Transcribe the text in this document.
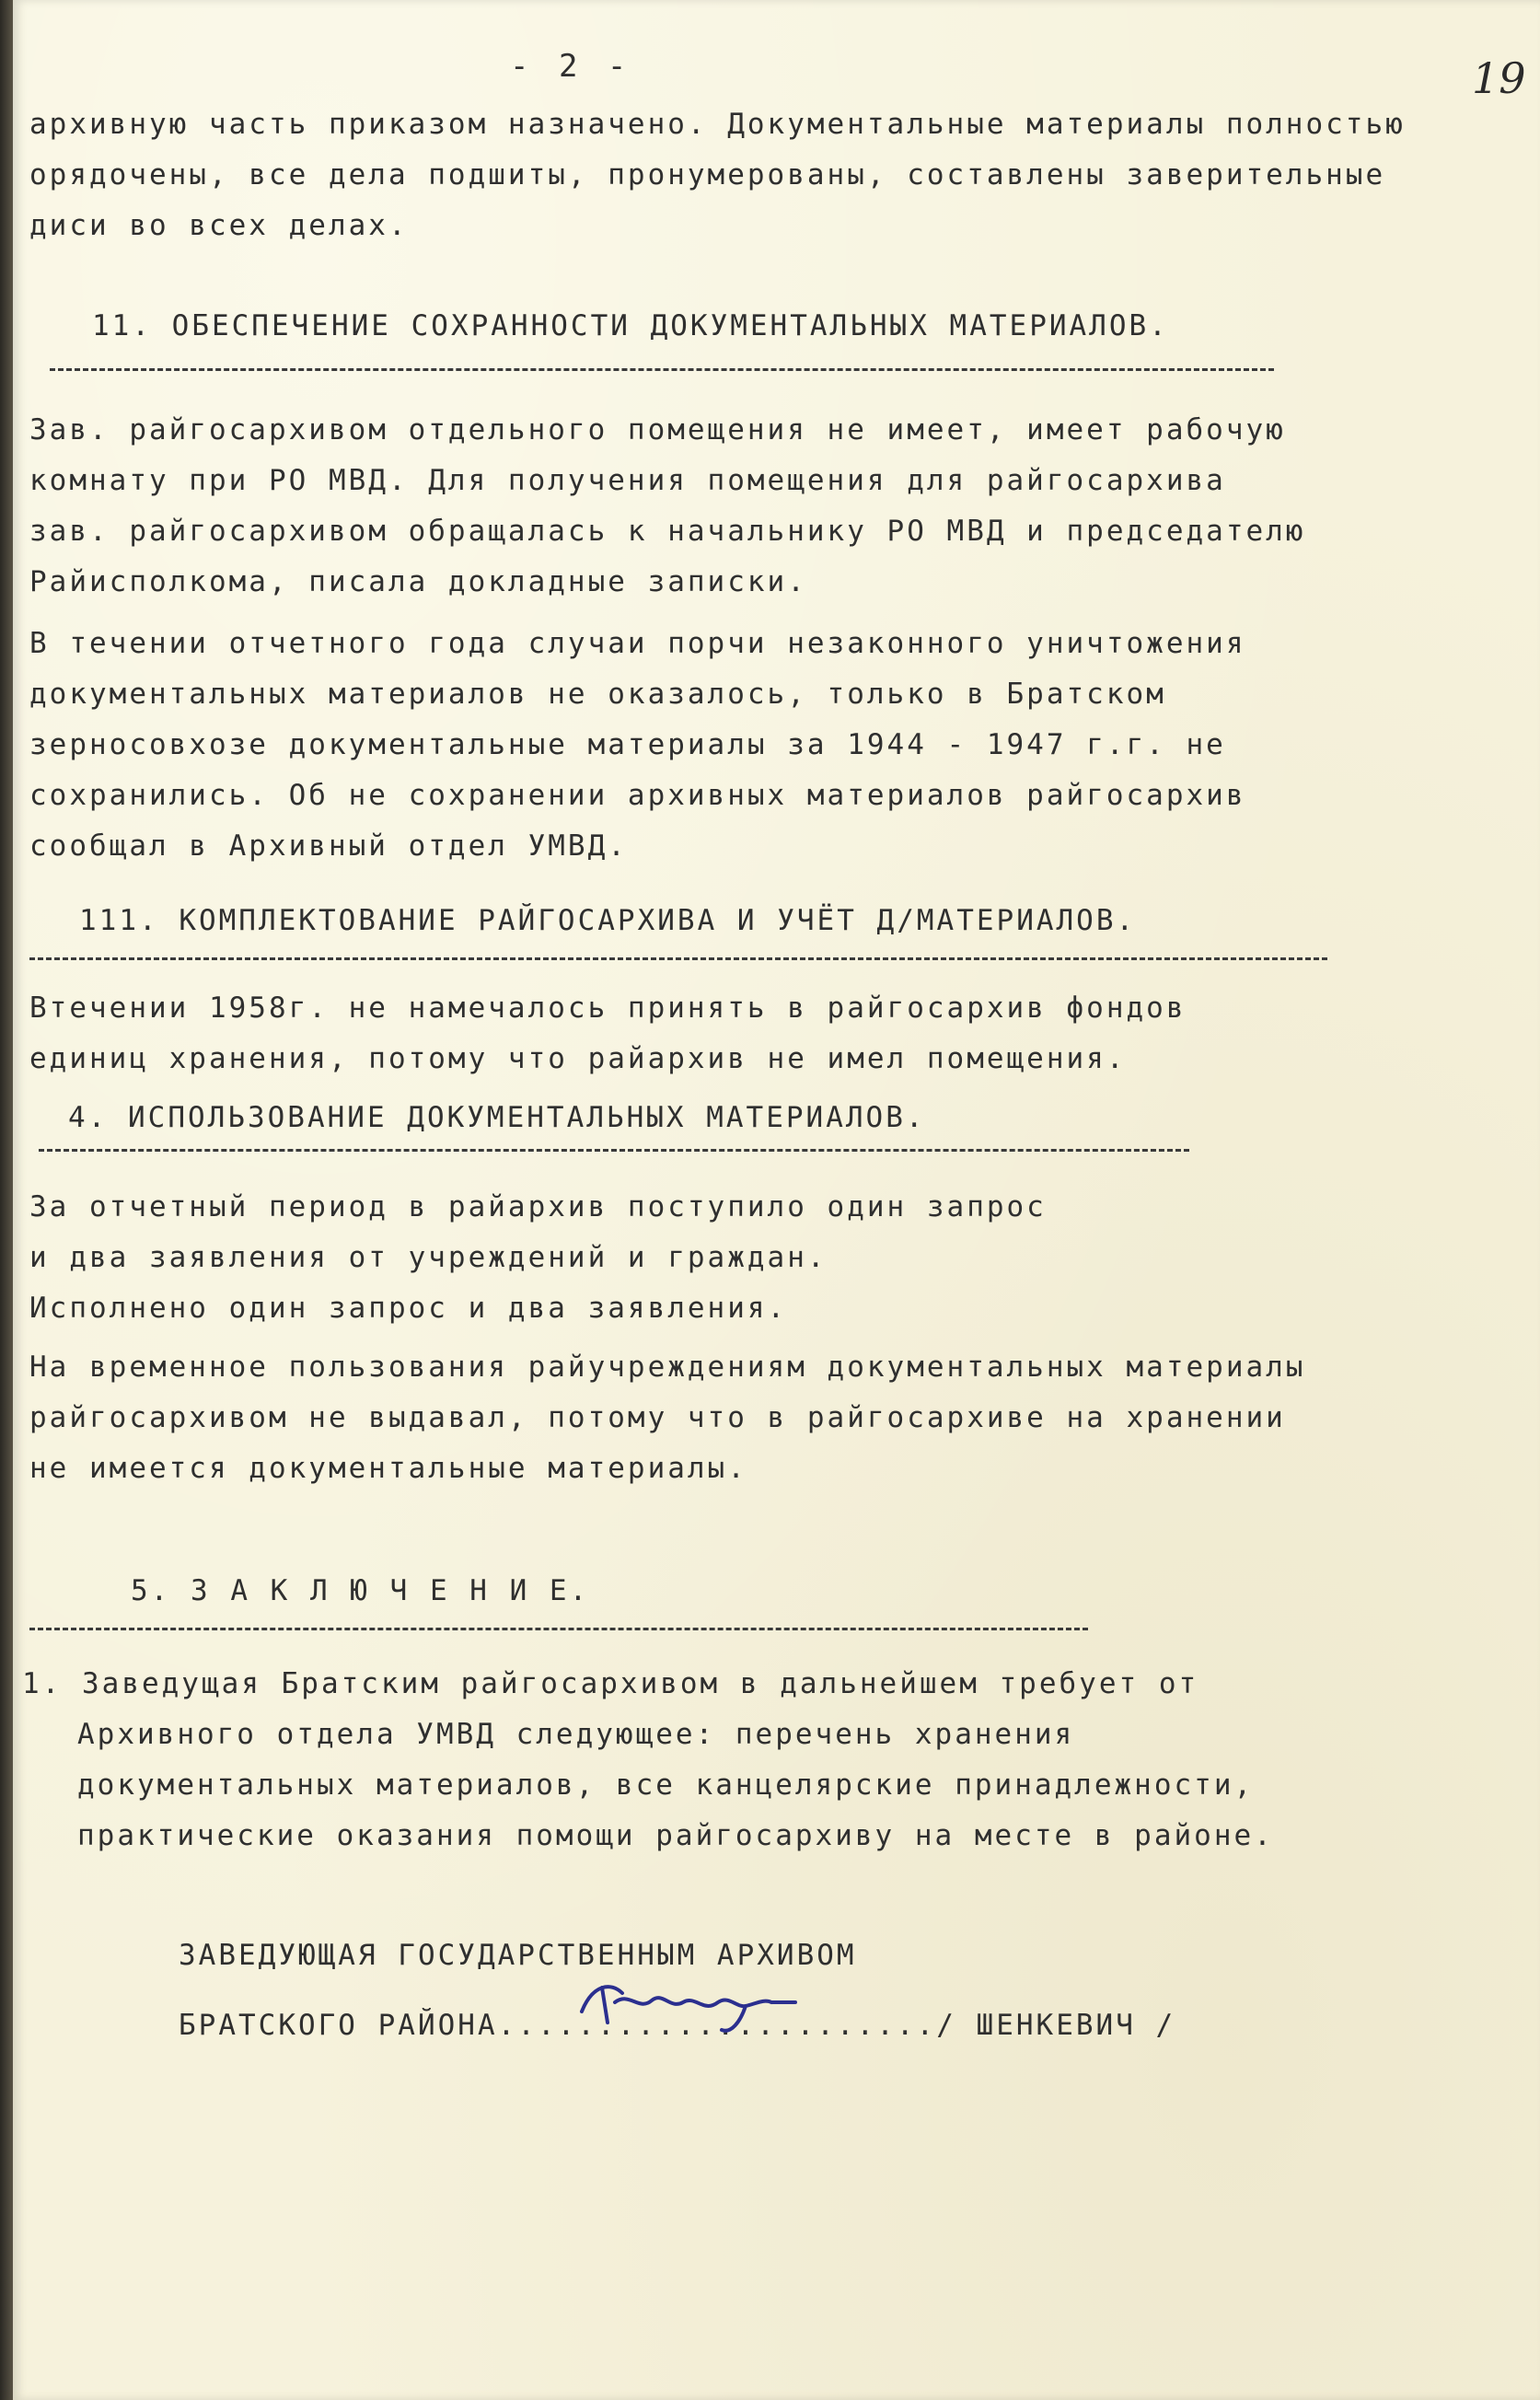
- 2 -	19
архивную часть приказом назначено. Документальные материалы полностью
орядочены, все дела подшиты, пронумерованы, составлены заверительные
диси во всех делах.
11. ОБЕСПЕЧЕНИЕ СОХРАННОСТИ ДОКУМЕНТАЛЬНЫХ МАТЕРИАЛОВ.
Зав. райгосархивом отдельного помещения не имеет, имеет рабочую
комнату при РО МВД. Для получения помещения для райгосархива
зав. райгосархивом обращалась к начальнику РО МВД и председателю
Райисполкома, писала докладные записки.
В течении отчетного года случаи порчи незаконного уничтожения
документальных материалов не оказалось, только в Братском
зерносовхозе документальные материалы за 1944 - 1947 г.г. не
сохранились. Об не сохранении архивных материалов райгосархив
сообщал в Архивный отдел УМВД.
111. КОМПЛЕКТОВАНИЕ РАЙГОСАРХИВА И УЧЁТ Д/МАТЕРИАЛОВ.
Втечении 1958г. не намечалось принять в райгосархив фондов
единиц хранения, потому что райархив не имел помещения.
4. ИСПОЛЬЗОВАНИЕ ДОКУМЕНТАЛЬНЫХ МАТЕРИАЛОВ.
За отчетный период в райархив поступило один запрос
и два заявления от учреждений и граждан.
Исполнено один запрос и два заявления.
На временное пользования райучреждениям документальных материалы
райгосархивом не выдавал, потому что в райгосархиве на хранении
не имеется документальные материалы.
5. З А К Л Ю Ч Е Н И Е.
1. Заведущая Братским райгосархивом в дальнейшем требует от
Архивного отдела УМВД следующее: перечень хранения
документальных материалов, все канцелярские принадлежности,
практические оказания помощи райгосархиву на месте в районе.
ЗАВЕДУЮЩАЯ ГОСУДАРСТВЕННЫМ АРХИВОМ
БРАТСКОГО РАЙОНА....................../ ШЕНКЕВИЧ /
